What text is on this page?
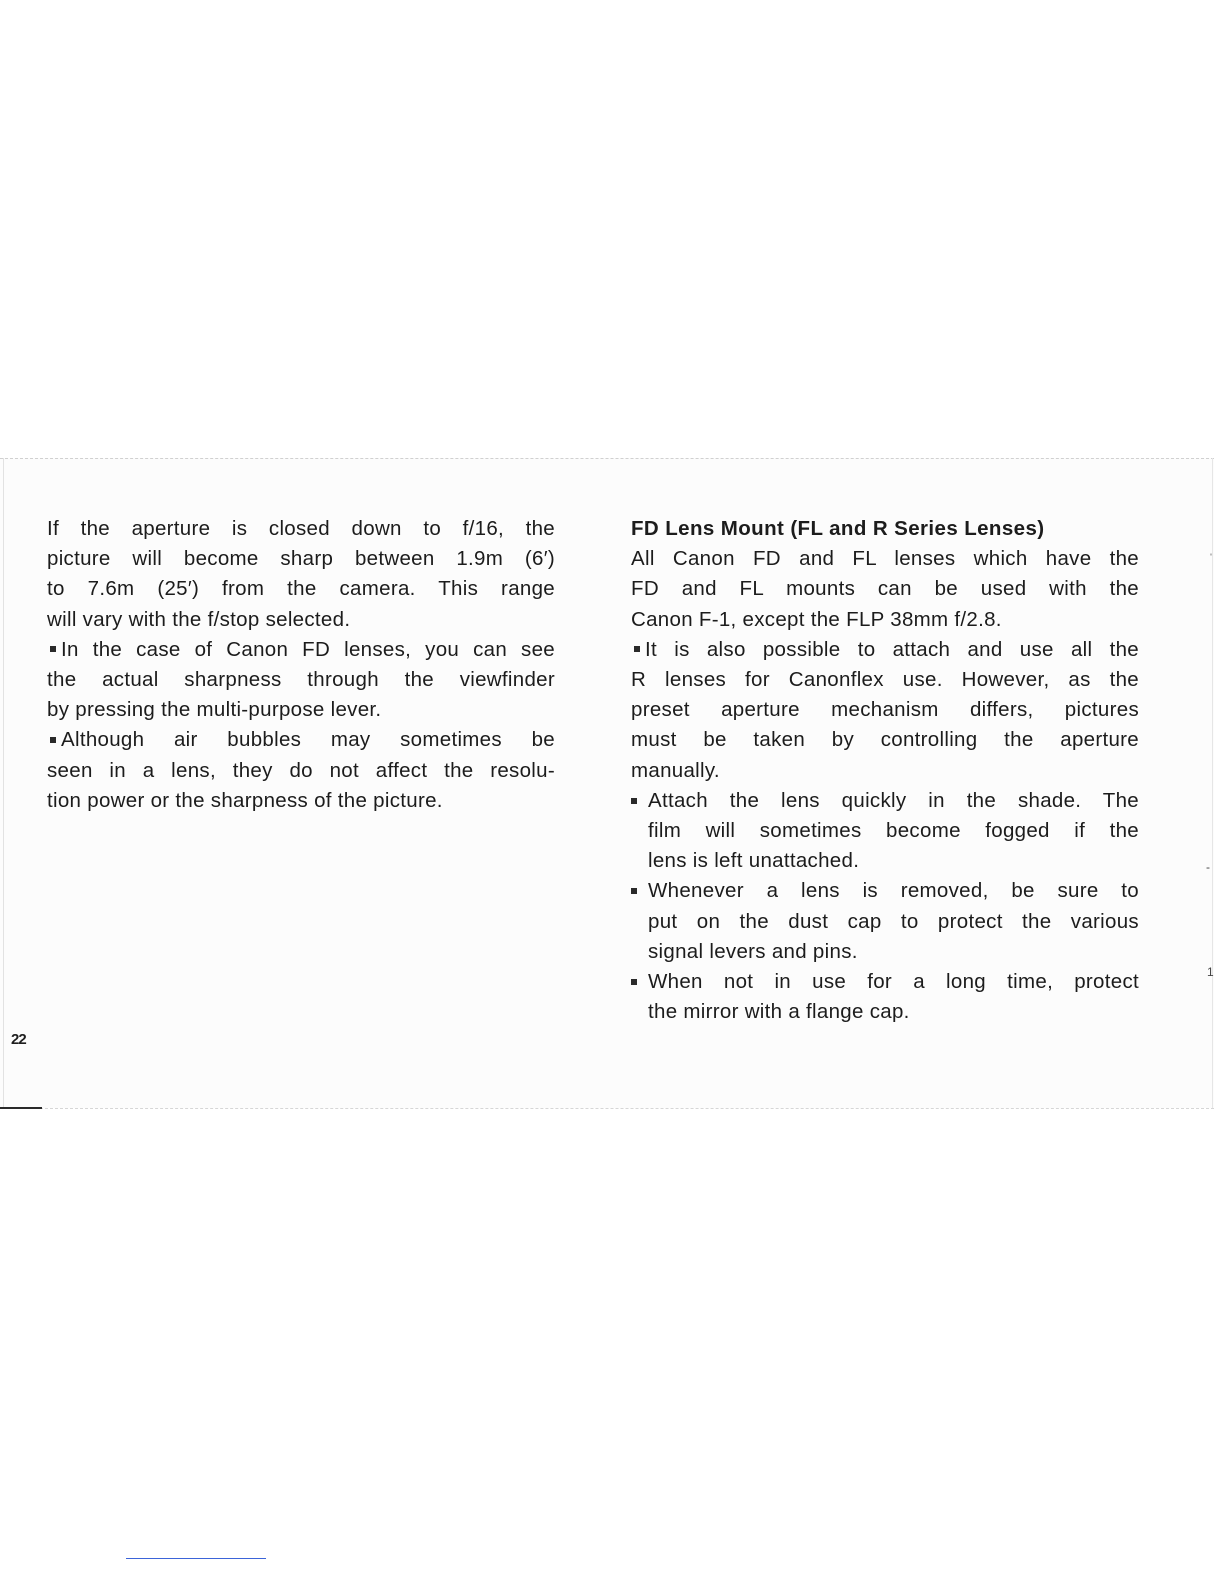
If the aperture is closed down to f/16, the
picture will become sharp between 1.9m (6′)
to 7.6m (25′) from the camera. This range
will vary with the f/stop selected.

In the case of Canon FD lenses, you can see
the actual sharpness through the viewfinder
by pressing the multi-purpose lever.

Although air bubbles may sometimes be
seen in a lens, they do not affect the resolu-
tion power or the sharpness of the picture.

FD Lens Mount (FL and R Series Lenses)

All Canon FD and FL lenses which have the
FD and FL mounts can be used with the
Canon F-1, except the FLP 38mm f/2.8.

It is also possible to attach and use all the
R lenses for Canonflex use. However, as the
preset aperture mechanism differs, pictures
must be taken by controlling the aperture
manually.

Attach the lens quickly in the shade. The
film will sometimes become fogged if the
lens is left unattached.
Whenever a lens is removed, be sure to
put on the dust cap to protect the various
signal levers and pins.
When not in use for a long time, protect
the mirror with a flange cap.
22
ˌ
-
1
